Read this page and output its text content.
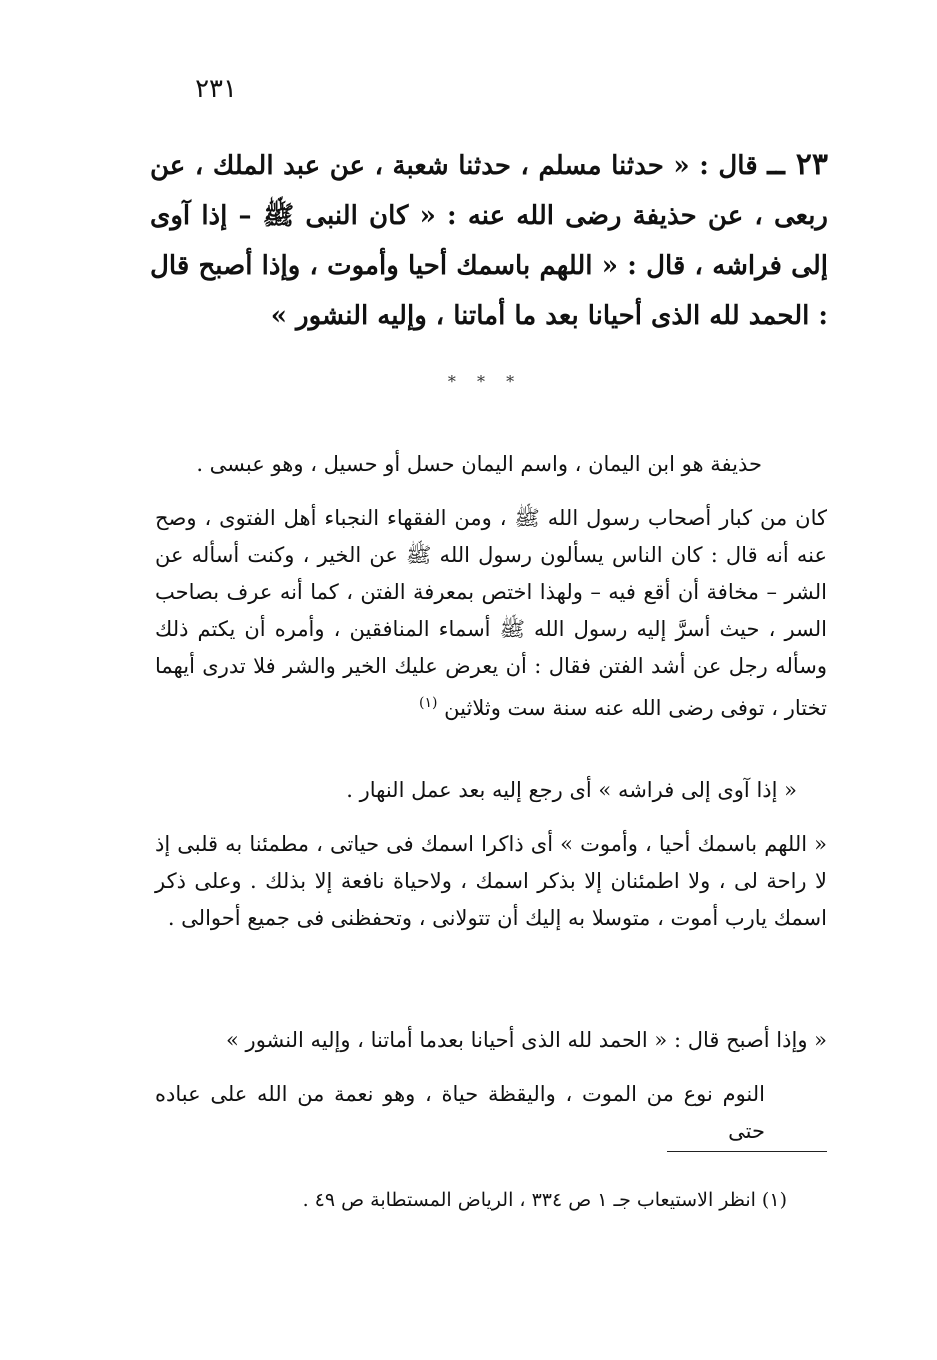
٢٣١
٢٣ ــ قال : « حدثنا مسلم ، حدثنا شعبة ، عن عبد الملك ، عن ربعى ، عن حذيفة رضى الله عنه : « كان النبى ﷺ – إذا آوى إلى فراشه ، قال : « اللهم باسمك أحيا وأموت ، وإذا أصبح قال : الحمد لله الذى أحيانا بعد ما أماتنا ، وإليه النشور »
* * *

حذيفة هو ابن اليمان ، واسم اليمان حسل أو حسيل ، وهو عبسى .

كان من كبار أصحاب رسول الله ﷺ ، ومن الفقهاء النجباء أهل الفتوى ، وصح عنه أنه قال : كان الناس يسألون رسول الله ﷺ عن الخير ، وكنت أسأله عن الشر – مخافة أن أقع فيه – ولهذا اختص بمعرفة الفتن ، كما أنه عرف بصاحب السر ، حيث أسرَّ إليه رسول الله ﷺ أسماء المنافقين ، وأمره أن يكتم ذلك وسأله رجل عن أشد الفتن فقال : أن يعرض عليك الخير والشر فلا تدرى أيهما تختار ، توفى رضى الله عنه سنة ست وثلاثين $^{(١)}$

« إذا آوى إلى فراشه » أى رجع إليه بعد عمل النهار .

« اللهم باسمك أحيا ، وأموت » أى ذاكرا اسمك فى حياتى ، مطمئنا به قلبى إذ لا راحة لى ، ولا اطمئنان إلا بذكر اسمك ، ولاحياة نافعة إلا بذلك . وعلى ذكر اسمك يارب أموت ، متوسلا به إليك أن تتولانى ، وتحفظنى فى جميع أحوالى .

« وإذا أصبح قال : « الحمد لله الذى أحيانا بعدما أماتنا ، وإليه النشور »

النوم نوع من الموت ، واليقظة حياة ، وهو نعمة من الله على عباده حتى

(١) انظر الاستيعاب جـ ١ ص ٣٣٤ ، الرياض المستطابة ص ٤٩ .
